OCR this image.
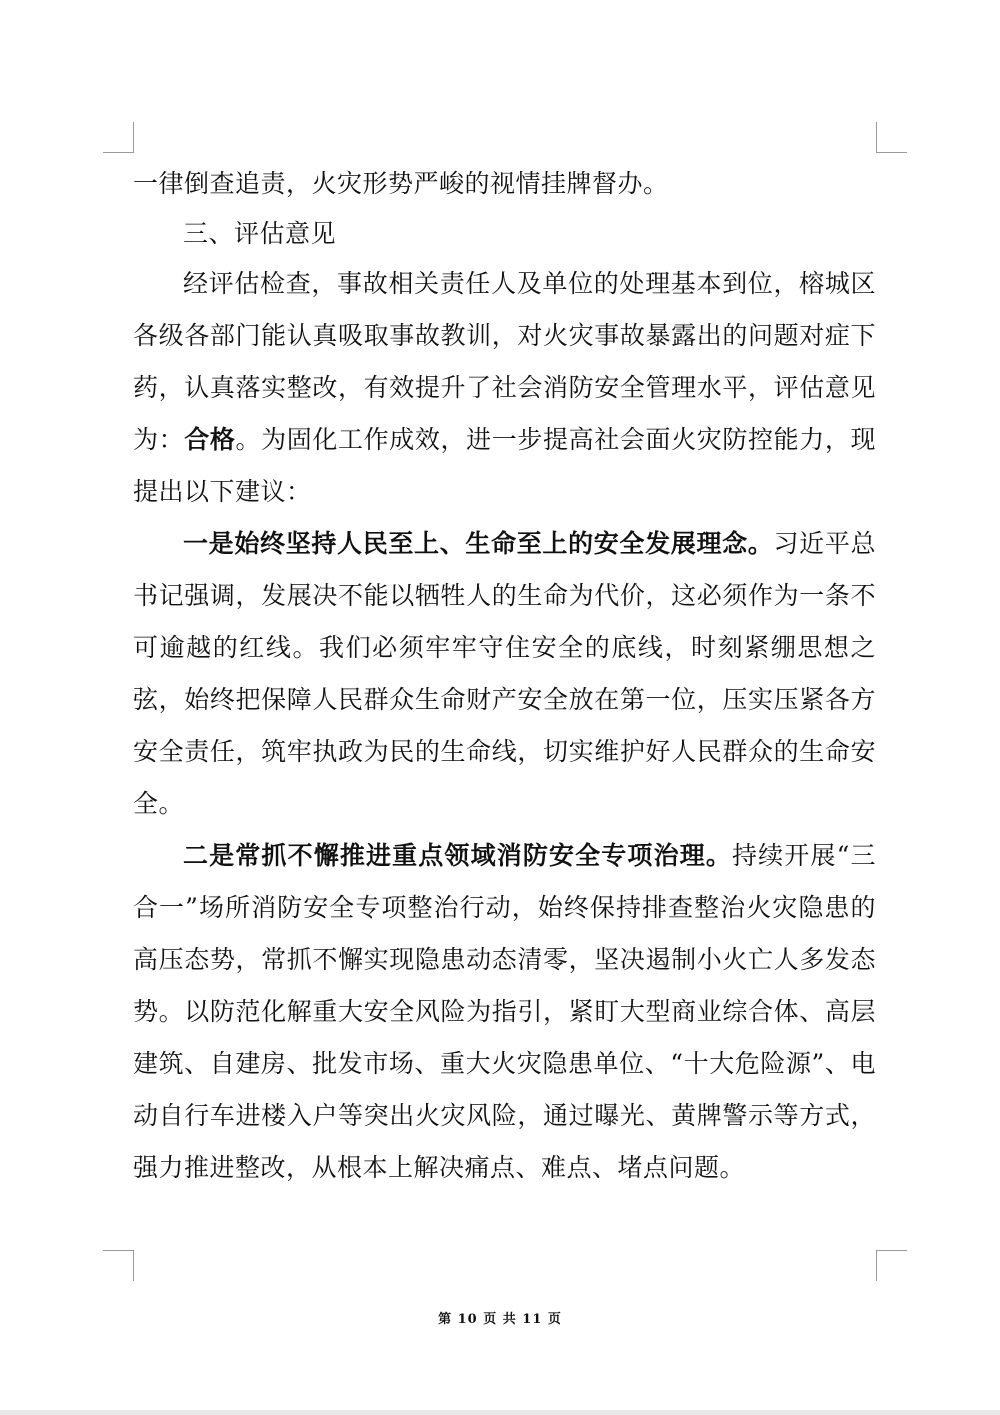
一律倒查追责，火灾形势严峻的视情挂牌督办。

三、评估意见

经评估检查，事故相关责任人及单位的处理基本到位，榕城区各级各部门能认真吸取事故教训，对火灾事故暴露出的问题对症下药，认真落实整改，有效提升了社会消防安全管理水平，评估意见为：合格。为固化工作成效，进一步提高社会面火灾防控能力，现提出以下建议：

一是始终坚持人民至上、生命至上的安全发展理念。习近平总书记强调，发展决不能以牺牲人的生命为代价，这必须作为一条不可逾越的红线。我们必须牢牢守住安全的底线，时刻紧绷思想之弦，始终把保障人民群众生命财产安全放在第一位，压实压紧各方安全责任，筑牢执政为民的生命线，切实维护好人民群众的生命安全。

二是常抓不懈推进重点领域消防安全专项治理。持续开展“三合一”场所消防安全专项整治行动，始终保持排查整治火灾隐患的高压态势，常抓不懈实现隐患动态清零，坚决遏制小火亡人多发态势。以防范化解重大安全风险为指引，紧盯大型商业综合体、高层建筑、自建房、批发市场、重大火灾隐患单位、“十大危险源”、电动自行车进楼入户等突出火灾风险，通过曝光、黄牌警示等方式，强力推进整改，从根本上解决痛点、难点、堵点问题。

第 10 页 共 11 页
